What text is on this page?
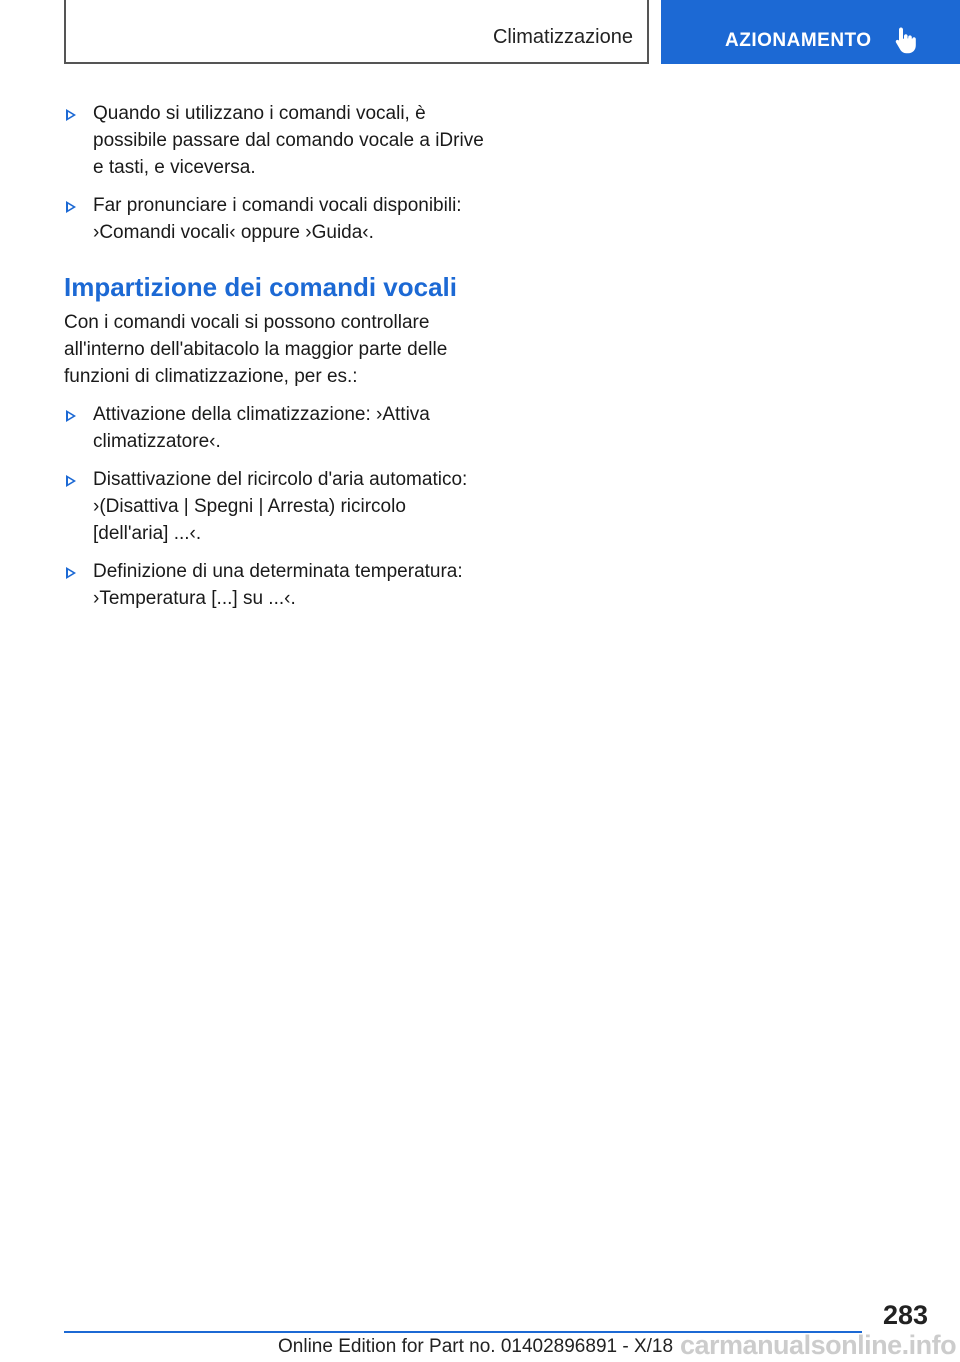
Climatizzazione	AZIONAMENTO
Quando si utilizzano i comandi vocali, è possibile passare dal comando vocale a iDrive e tasti, e viceversa.
Far pronunciare i comandi vocali disponibili: ›Comandi vocali‹ oppure ›Guida‹.
Impartizione dei comandi vocali

Con i comandi vocali si possono controllare all'interno dell'abitacolo la maggior parte delle funzioni di climatizzazione, per es.:

Attivazione della climatizzazione: ›Attiva climatizzatore‹.
Disattivazione del ricircolo d'aria automatico: ›(Disattiva | Spegni | Arresta) ricircolo [dell'aria] ...‹.
Definizione di una determinata temperatura: ›Temperatura [...] su ...‹.
283
Online Edition for Part no. 01402896891 - X/18 carmanualsonline.info
